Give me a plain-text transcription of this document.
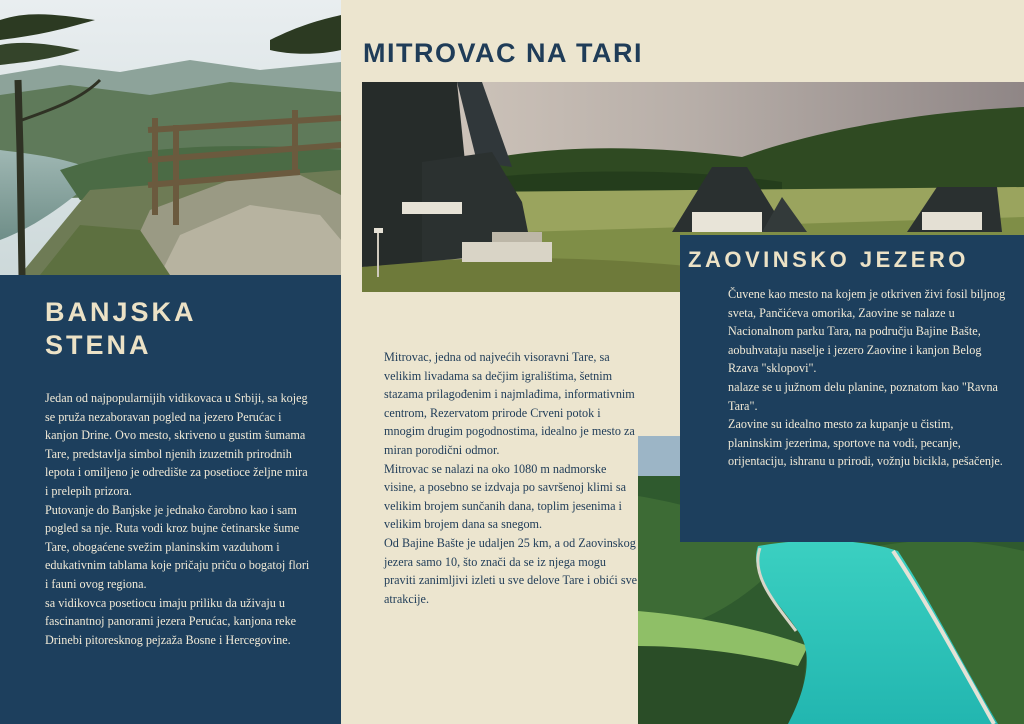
BANJSKA
STENA
Jedan od najpopularnijih vidikovaca u Srbiji, sa kojeg se pruža nezaboravan pogled na jezero Perućac i kanjon Drine. Ovo mesto, skriveno u gustim šumama Tare, predstavlja simbol njenih izuzetnih prirodnih lepota i omiljeno je odredište za posetioce željne mira i prelepih prizora.
Putovanje do Banjske je jednako čarobno kao i sam pogled sa nje. Ruta vodi kroz bujne četinarske šume Tare, obogaćene svežim planinskim vazduhom i edukativnim tablama koje pričaju priču o bogatoj flori i fauni ovog regiona.
sa vidikovca posetiocu imaju priliku da uživaju u fascinantnoj panorami jezera Perućac, kanjona reke Drinebi pitoresknog pejzaža Bosne i Hercegovine.
MITROVAC NA TARI
Mitrovac, jedna od najvećih visoravni Tare, sa velikim livadama sa dečjim igralištima, šetnim stazama prilagođenim i najmlađima, informativnim centrom, Rezervatom prirode Crveni potok i mnogim drugim pogodnostima, idealno je mesto za miran porodični odmor.
Mitrovac se nalazi na oko 1080 m nadmorske visine, a posebno se izdvaja po savršenoj klimi sa velikim brojem sunčanih dana, toplim jesenima i velikim brojem dana sa snegom.
Od Bajine Bašte je udaljen 25 km, a od Zaovinskog jezera samo 10, što znači da se iz njega mogu praviti zanimljivi izleti u sve delove Tare i obići sve atrakcije.
ZAOVINSKO JEZERO
Čuvene kao mesto na kojem je otkriven živi fosil biljnog sveta, Pančićeva omorika, Zaovine se nalaze u Nacionalnom parku Tara, na području Bajine Bašte, aobuhvataju naselje i jezero Zaovine i kanjon Belog Rzava "sklopovi".
nalaze se u južnom delu planine, poznatom kao "Ravna Tara".
Zaovine su idealno mesto za kupanje u čistim, planinskim jezerima, sportove na vodi, pecanje, orijentaciju, ishranu u prirodi, vožnju bicikla, pešačenje.
